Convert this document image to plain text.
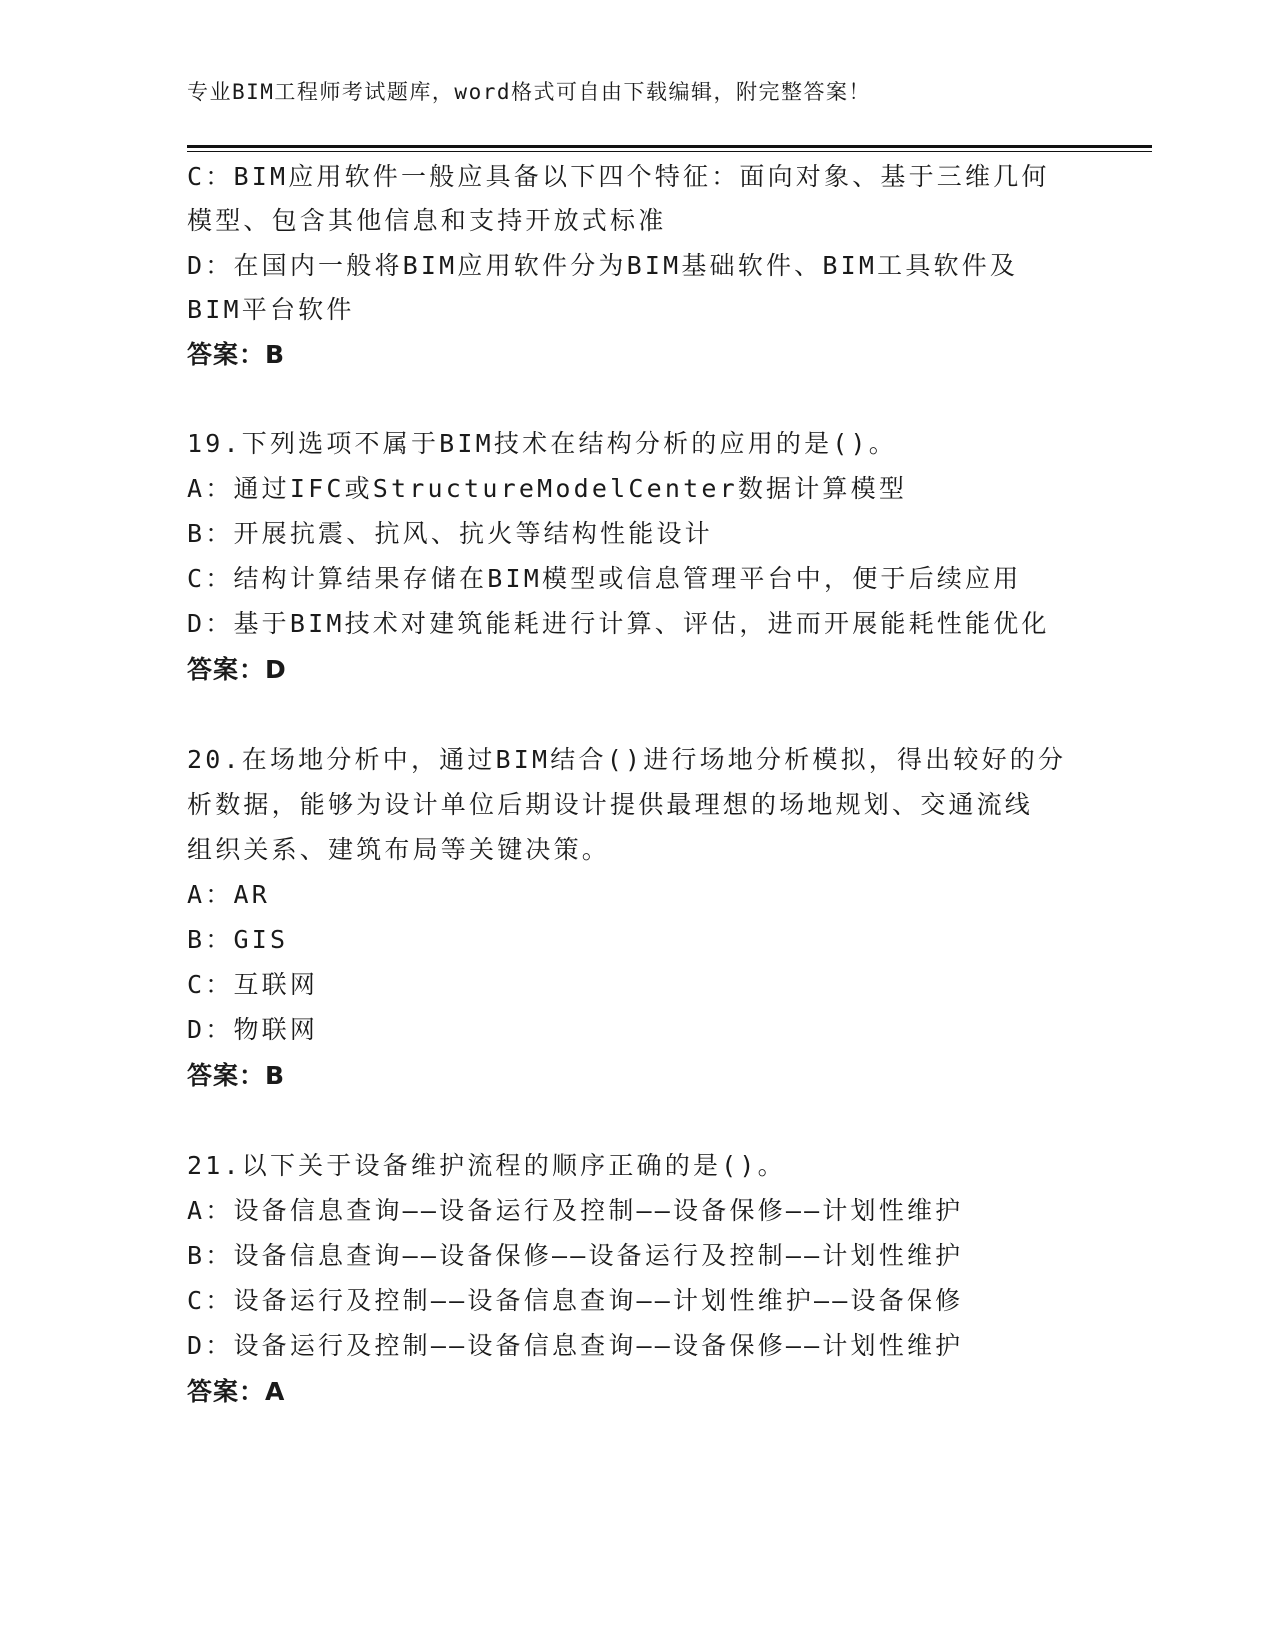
专业BIM工程师考试题库，word格式可自由下载编辑，附完整答案！
C：BIM应用软件一般应具备以下四个特征：面向对象、基于三维几何
模型、包含其他信息和支持开放式标准
D：在国内一般将BIM应用软件分为BIM基础软件、BIM工具软件及
BIM平台软件
答案：B
19.下列选项不属于BIM技术在结构分析的应用的是()。
A：通过IFC或StructureModelCenter数据计算模型
B：开展抗震、抗风、抗火等结构性能设计
C：结构计算结果存储在BIM模型或信息管理平台中，便于后续应用
D：基于BIM技术对建筑能耗进行计算、评估，进而开展能耗性能优化
答案：D
20.在场地分析中，通过BIM结合()进行场地分析模拟，得出较好的分
析数据，能够为设计单位后期设计提供最理想的场地规划、交通流线
组织关系、建筑布局等关键决策。
A：AR
B：GIS
C：互联网
D：物联网
答案：B
21.以下关于设备维护流程的顺序正确的是()。
A：设备信息查询——设备运行及控制——设备保修——计划性维护
B：设备信息查询——设备保修——设备运行及控制——计划性维护
C：设备运行及控制——设备信息查询——计划性维护——设备保修
D：设备运行及控制——设备信息查询——设备保修——计划性维护
答案：A
